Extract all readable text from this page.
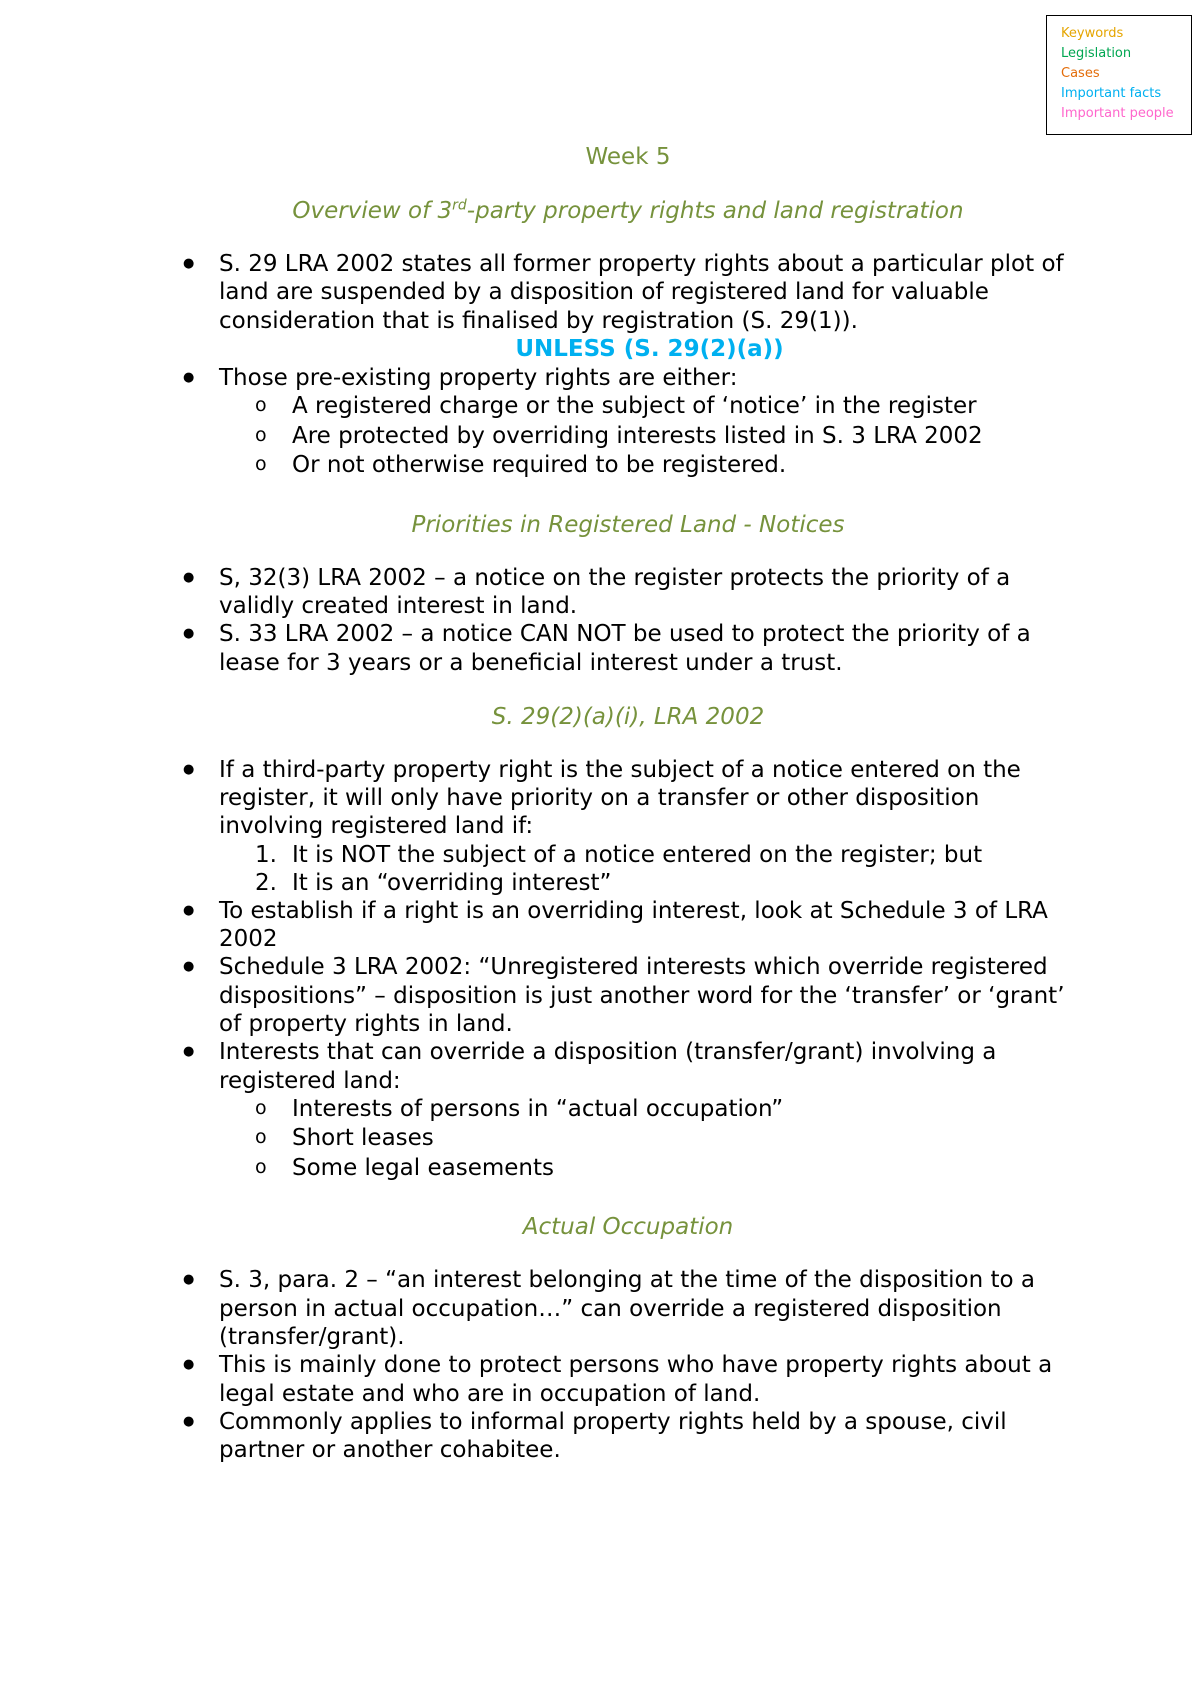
Keywords
Legislation
Cases
Important facts
Important people

Week 5

Overview of 3rd-party property rights and land registration

● S. 29 LRA 2002 states all former property rights about a particular plot of land are suspended by a disposition of registered land for valuable consideration that is finalised by registration (S. 29(1)).

UNLESS (S. 29(2)(a))

● Those pre-existing property rights are either:
o A registered charge or the subject of ‘notice’ in the register
o Are protected by overriding interests listed in S. 3 LRA 2002
o Or not otherwise required to be registered.

Priorities in Registered Land - Notices

● S, 32(3) LRA 2002 – a notice on the register protects the priority of a validly created interest in land.
● S. 33 LRA 2002 – a notice CAN NOT be used to protect the priority of a lease for 3 years or a beneficial interest under a trust.

S. 29(2)(a)(i), LRA 2002

● If a third-party property right is the subject of a notice entered on the register, it will only have priority on a transfer or other disposition involving registered land if:
1. It is NOT the subject of a notice entered on the register; but
2. It is an “overriding interest”
● To establish if a right is an overriding interest, look at Schedule 3 of LRA 2002
● Schedule 3 LRA 2002: “Unregistered interests which override registered dispositions” – disposition is just another word for the ‘transfer’ or ‘grant’ of property rights in land.
● Interests that can override a disposition (transfer/grant) involving a registered land:
o Interests of persons in “actual occupation”
o Short leases
o Some legal easements

Actual Occupation

● S. 3, para. 2 – “an interest belonging at the time of the disposition to a person in actual occupation…” can override a registered disposition (transfer/grant).
● This is mainly done to protect persons who have property rights about a legal estate and who are in occupation of land.
● Commonly applies to informal property rights held by a spouse, civil partner or another cohabitee.
